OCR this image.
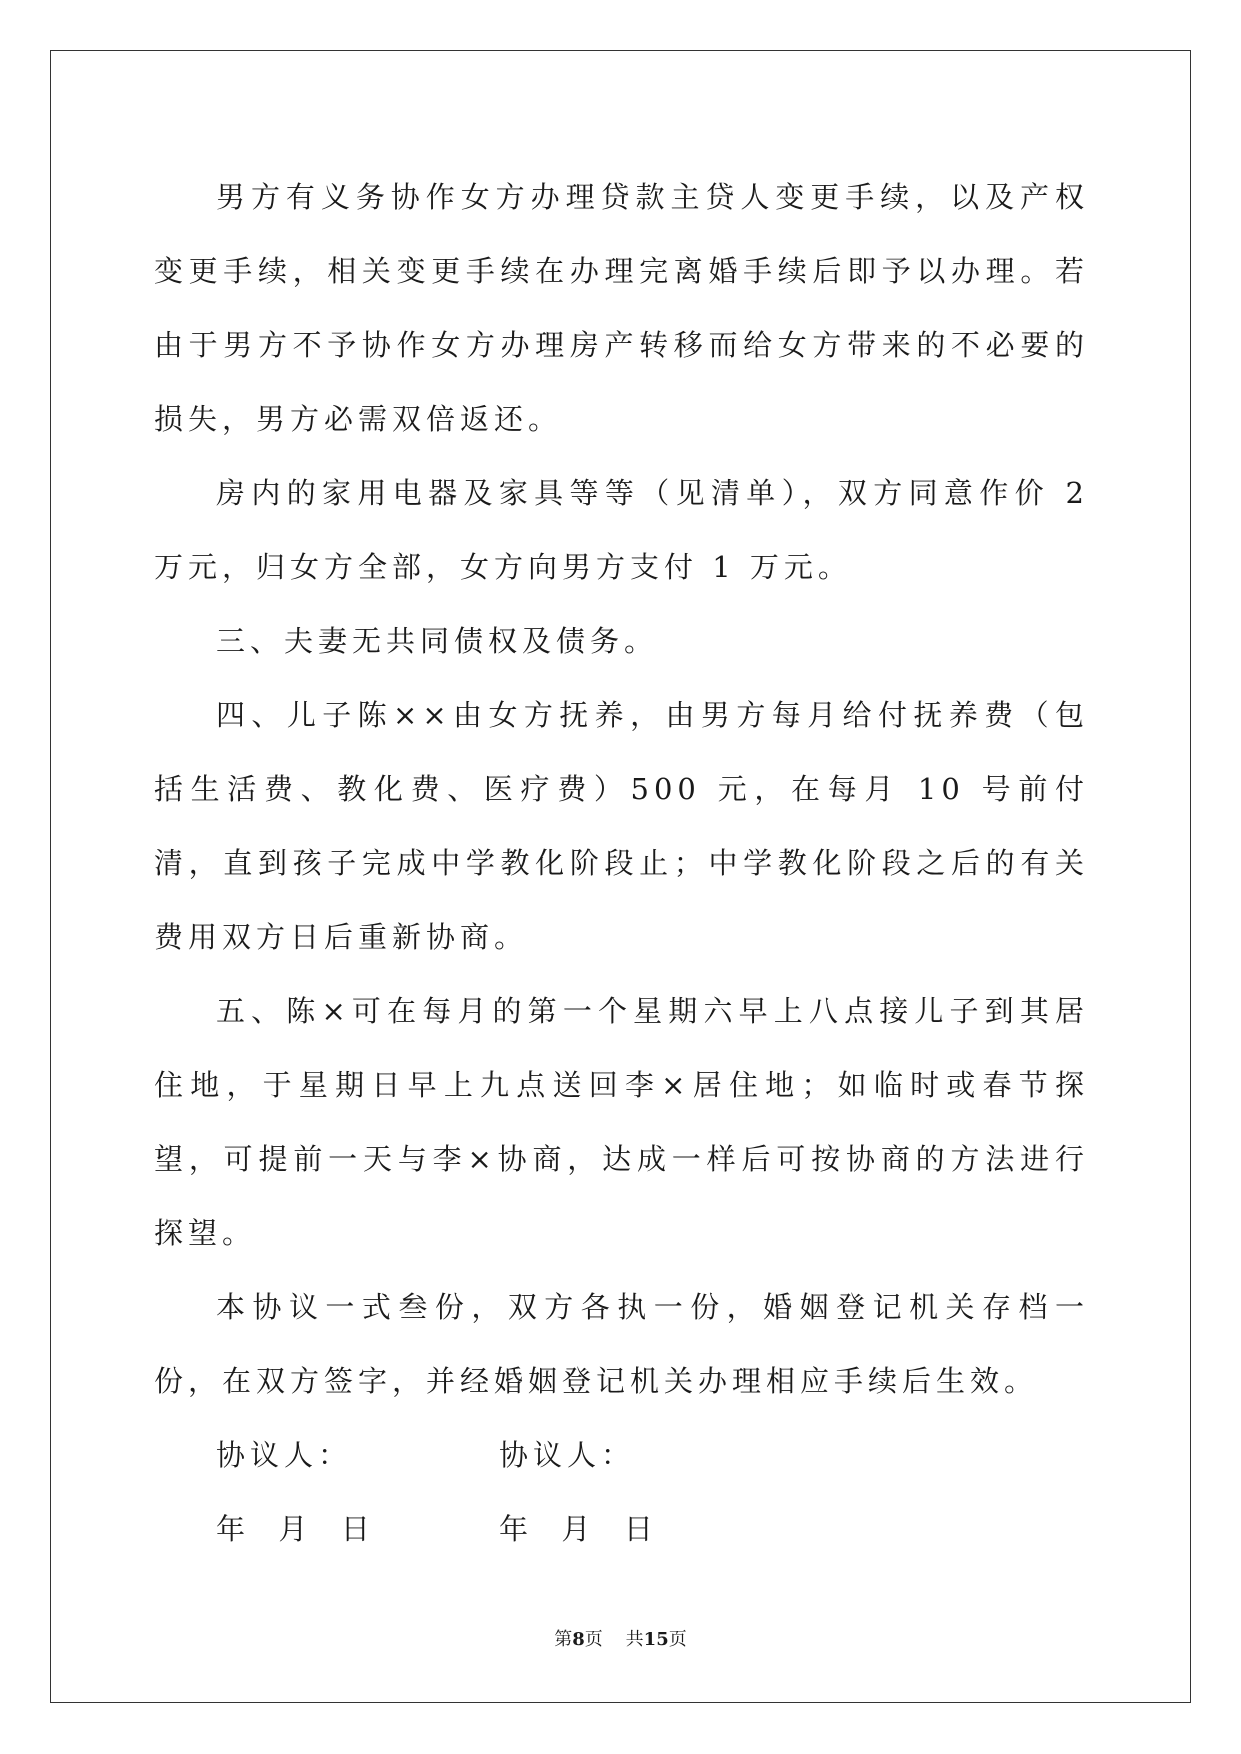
男方有义务协作女方办理贷款主贷人变更手续，以及产权变更手续，相关变更手续在办理完离婚手续后即予以办理。若由于男方不予协作女方办理房产转移而给女方带来的不必要的损失，男方必需双倍返还。

房内的家用电器及家具等等（见清单），双方同意作价 2 万元，归女方全部，女方向男方支付 1 万元。

三、夫妻无共同债权及债务。

四、儿子陈××由女方抚养，由男方每月给付抚养费（包括生活费、教化费、医疗费）500 元，在每月 10 号前付清，直到孩子完成中学教化阶段止；中学教化阶段之后的有关费用双方日后重新协商。

五、陈×可在每月的第一个星期六早上八点接儿子到其居住地，于星期日早上九点送回李×居住地；如临时或春节探望，可提前一天与李×协商，达成一样后可按协商的方法进行探望。

本协议一式叁份，双方各执一份，婚姻登记机关存档一份，在双方签字，并经婚姻登记机关办理相应手续后生效。

协议人：	协议人：
年  月  日	年  月  日
第8页 共15页
